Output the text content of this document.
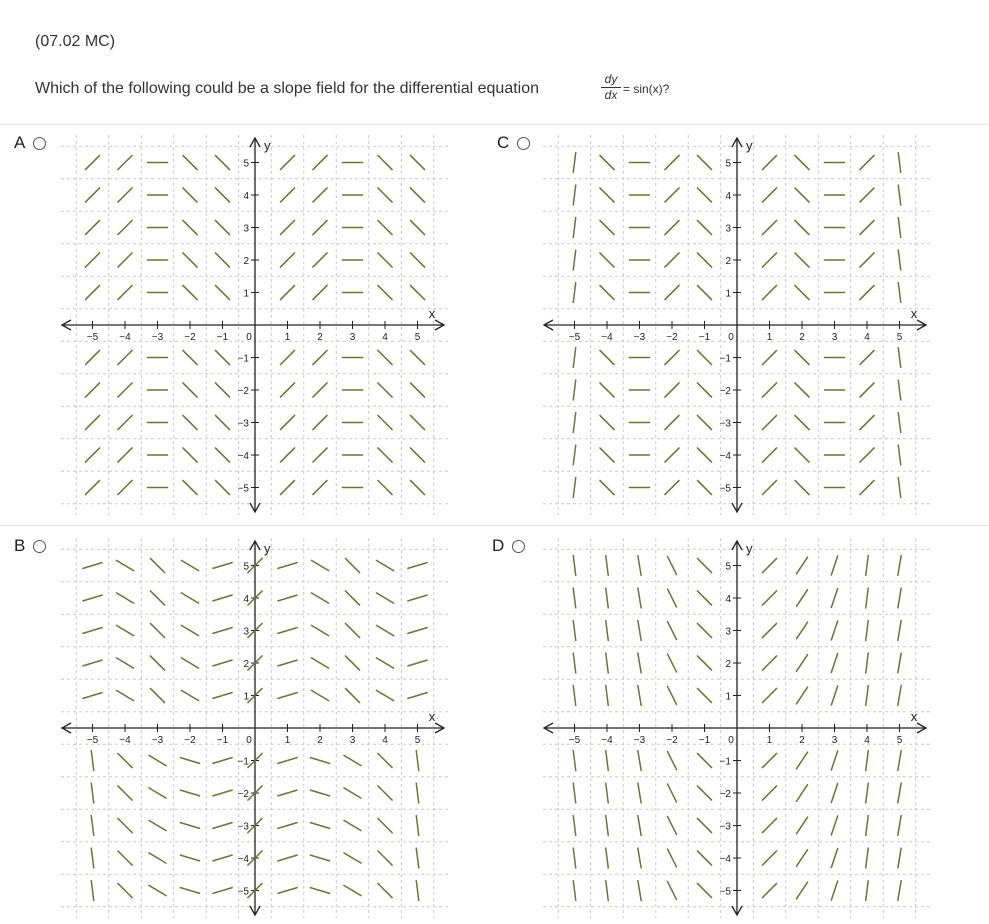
(07.02 MC)
Which of the following could be a slope field for the differential equation	$\frac{dy}{dx} = \sin(x)$?
A
−5 −4 −3 −2 −1 0	1	2	3	4	5
5
4
3
2
1
−1
−2
−3
−4
−5
x
y	C
−5 −4 −3 −2 −1 0	1	2	3	4	5
5
4
3
2
1
−1
−2
−3
−4
−5
x
y
B
−5 −4 −3 −2 −1 0	1	2	3	4	5
5
4
3
2
1
−1
−2
−3
−4
−5
x
y	D
−5 −4 −3 −2 −1 0	1	2	3	4	5
5
4
3
2
1
−1
−2
−3
−4
−5
x
y
